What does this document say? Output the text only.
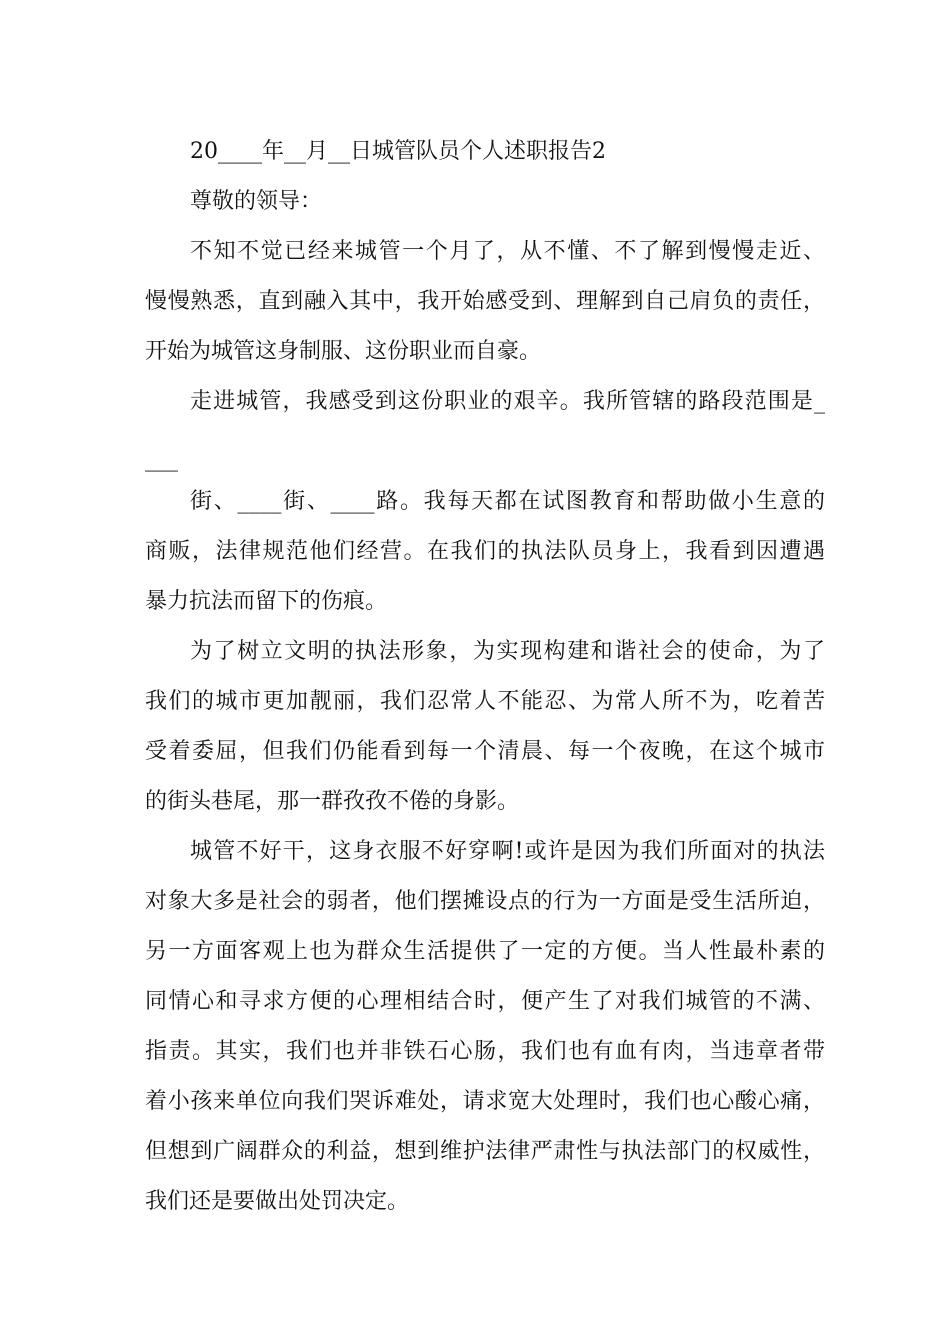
20____年__月__日城管队员个人述职报告2
尊敬的领导：
不知不觉已经来城管一个月了，从不懂、不了解到慢慢走近、
慢慢熟悉，直到融入其中，我开始感受到、理解到自己肩负的责任，
开始为城管这身制服、这份职业而自豪。
走进城管，我感受到这份职业的艰辛。我所管辖的路段范围是_
___
街、____街、____路。我每天都在试图教育和帮助做小生意的
商贩，法律规范他们经营。在我们的执法队员身上，我看到因遭遇
暴力抗法而留下的伤痕。
为了树立文明的执法形象，为实现构建和谐社会的使命，为了
我们的城市更加靓丽，我们忍常人不能忍、为常人所不为，吃着苦
受着委屈，但我们仍能看到每一个清晨、每一个夜晚，在这个城市
的街头巷尾，那一群孜孜不倦的身影。
城管不好干，这身衣服不好穿啊!或许是因为我们所面对的执法
对象大多是社会的弱者，他们摆摊设点的行为一方面是受生活所迫，
另一方面客观上也为群众生活提供了一定的方便。当人性最朴素的
同情心和寻求方便的心理相结合时，便产生了对我们城管的不满、
指责。其实，我们也并非铁石心肠，我们也有血有肉，当违章者带
着小孩来单位向我们哭诉难处，请求宽大处理时，我们也心酸心痛，
但想到广阔群众的利益，想到维护法律严肃性与执法部门的权威性，
我们还是要做出处罚决定。
